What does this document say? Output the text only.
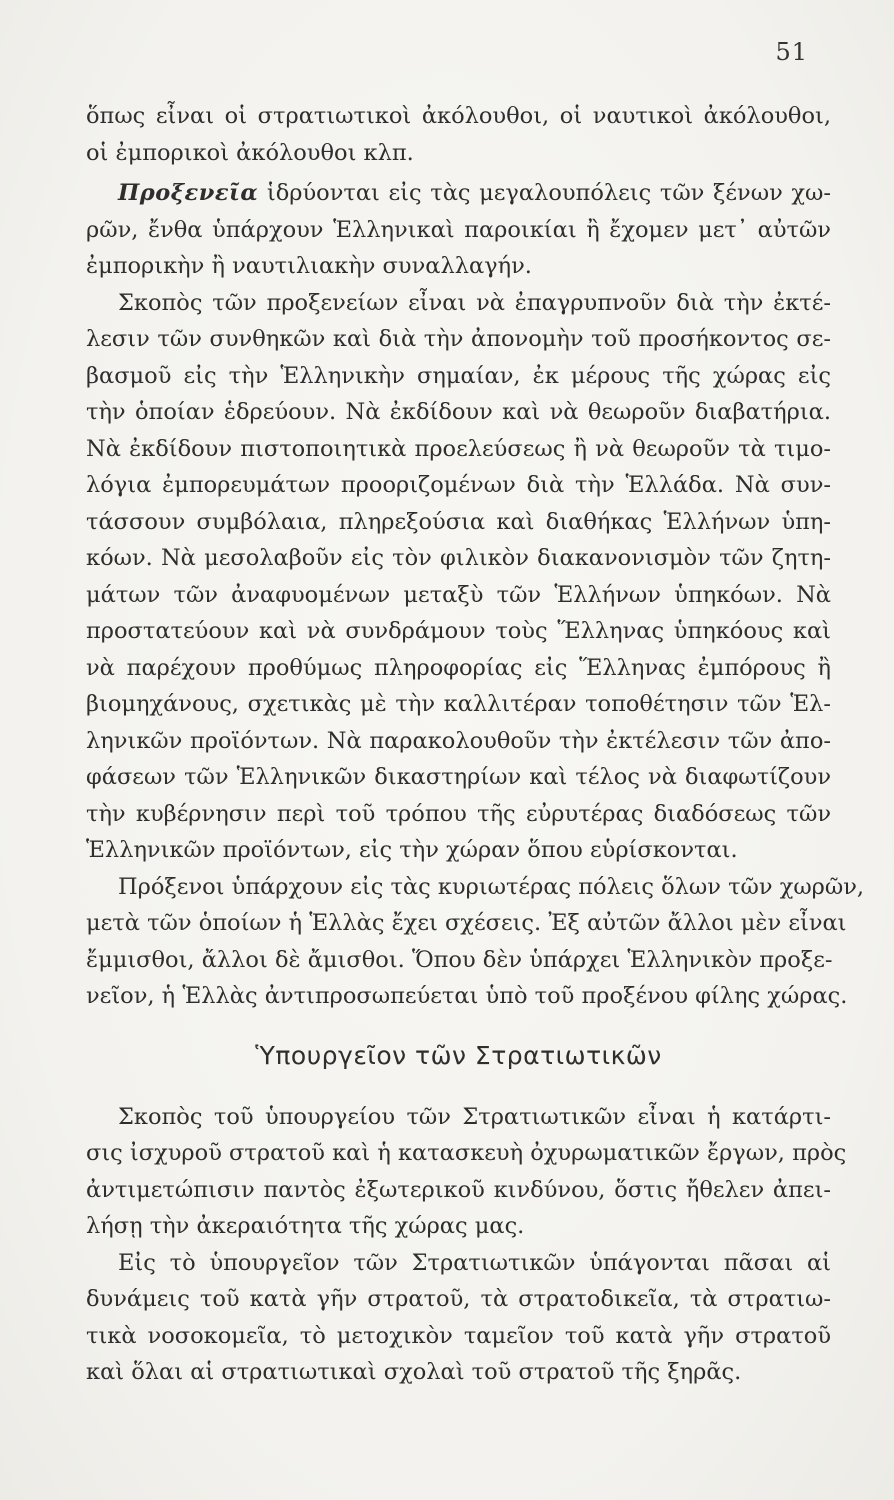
51
ὅπως εἶναι οἱ στρατιωτικοὶ ἀκόλουθοι, οἱ ναυτικοὶ ἀκόλουθοι,
οἱ ἐμπορικοὶ ἀκόλουθοι κλπ.
Προξενεῖα ἱδρύονται εἰς τὰς μεγαλουπόλεις τῶν ξένων χω-
ρῶν, ἔνθα ὑπάρχουν Ἑλληνικαὶ παροικίαι ἢ ἔχομεν μετ᾽ αὐτῶν
ἐμπορικὴν ἢ ναυτιλιακὴν συναλλαγήν.
Σκοπὸς τῶν προξενείων εἶναι νὰ ἐπαγρυπνοῦν διὰ τὴν ἐκτέ-
λεσιν τῶν συνθηκῶν καὶ διὰ τὴν ἀπονομὴν τοῦ προσήκοντος σε-
βασμοῦ εἰς τὴν Ἑλληνικὴν σημαίαν, ἐκ μέρους τῆς χώρας εἰς
τὴν ὁποίαν ἑδρεύουν. Νὰ ἐκδίδουν καὶ νὰ θεωροῦν διαβατήρια.
Νὰ ἐκδίδουν πιστοποιητικὰ προελεύσεως ἢ νὰ θεωροῦν τὰ τιμο-
λόγια ἐμπορευμάτων προοριζομένων διὰ τὴν Ἑλλάδα. Νὰ συν-
τάσσουν συμβόλαια, πληρεξούσια καὶ διαθήκας Ἑλλήνων ὑπη-
κόων. Νὰ μεσολαβοῦν εἰς τὸν φιλικὸν διακανονισμὸν τῶν ζητη-
μάτων τῶν ἀναφυομένων μεταξὺ τῶν Ἑλλήνων ὑπηκόων. Νὰ
προστατεύουν καὶ νὰ συνδράμουν τοὺς Ἕλληνας ὑπηκόους καὶ
νὰ παρέχουν προθύμως πληροφορίας εἰς Ἕλληνας ἐμπόρους ἢ
βιομηχάνους, σχετικὰς μὲ τὴν καλλιτέραν τοποθέτησιν τῶν Ἑλ-
ληνικῶν προϊόντων. Νὰ παρακολουθοῦν τὴν ἐκτέλεσιν τῶν ἀπο-
φάσεων τῶν Ἑλληνικῶν δικαστηρίων καὶ τέλος νὰ διαφωτίζουν
τὴν κυβέρνησιν περὶ τοῦ τρόπου τῆς εὐρυτέρας διαδόσεως τῶν
Ἑλληνικῶν προϊόντων, εἰς τὴν χώραν ὅπου εὑρίσκονται.
Πρόξενοι ὑπάρχουν εἰς τὰς κυριωτέρας πόλεις ὅλων τῶν χωρῶν,
μετὰ τῶν ὁποίων ἡ Ἑλλὰς ἔχει σχέσεις. Ἐξ αὐτῶν ἄλλοι μὲν εἶναι
ἔμμισθοι, ἄλλοι δὲ ἄμισθοι. Ὅπου δὲν ὑπάρχει Ἑλληνικὸν προξε-
νεῖον, ἡ Ἑλλὰς ἀντιπροσωπεύεται ὑπὸ τοῦ προξένου φίλης χώρας.
Ὑπουργεῖον τῶν Στρατιωτικῶν
Σκοπὸς τοῦ ὑπουργείου τῶν Στρατιωτικῶν εἶναι ἡ κατάρτι-
σις ἰσχυροῦ στρατοῦ καὶ ἡ κατασκευὴ ὀχυρωματικῶν ἔργων, πρὸς
ἀντιμετώπισιν παντὸς ἐξωτερικοῦ κινδύνου, ὅστις ἤθελεν ἀπει-
λήσῃ τὴν ἀκεραιότητα τῆς χώρας μας.
Εἰς τὸ ὑπουργεῖον τῶν Στρατιωτικῶν ὑπάγονται πᾶσαι αἱ
δυνάμεις τοῦ κατὰ γῆν στρατοῦ, τὰ στρατοδικεῖα, τὰ στρατιω-
τικὰ νοσοκομεῖα, τὸ μετοχικὸν ταμεῖον τοῦ κατὰ γῆν στρατοῦ
καὶ ὅλαι αἱ στρατιωτικαὶ σχολαὶ τοῦ στρατοῦ τῆς ξηρᾶς.
